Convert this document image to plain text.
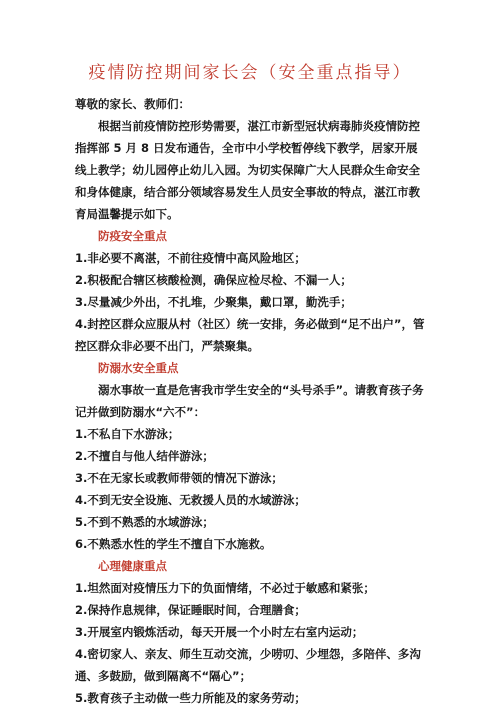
疫情防控期间家长会（安全重点指导）

尊敬的家长、教师们：

根据当前疫情防控形势需要，湛江市新型冠状病毒肺炎疫情防控指挥部 5 月 8 日发布通告，全市中小学校暂停线下教学，居家开展线上教学；幼儿园停止幼儿入园。为切实保障广大人民群众生命安全和身体健康，结合部分领域容易发生人员安全事故的特点，湛江市教育局温馨提示如下。

防疫安全重点

1.非必要不离湛，不前往疫情中高风险地区；

2.积极配合辖区核酸检测，确保应检尽检、不漏一人；

3.尽量减少外出，不扎堆，少聚集，戴口罩，勤洗手；

4.封控区群众应服从村（社区）统一安排，务必做到“足不出户”，管控区群众非必要不出门，严禁聚集。

防溺水安全重点

溺水事故一直是危害我市学生安全的“头号杀手”。请教育孩子务记并做到防溺水“六不”：

1.不私自下水游泳；

2.不擅自与他人结伴游泳；

3.不在无家长或教师带领的情况下游泳；

4.不到无安全设施、无救援人员的水域游泳；

5.不到不熟悉的水域游泳；

6.不熟悉水性的学生不擅自下水施救。

心理健康重点

1.坦然面对疫情压力下的负面情绪，不必过于敏感和紧张；

2.保持作息规律，保证睡眠时间，合理膳食；

3.开展室内锻炼活动，每天开展一个小时左右室内运动；

4.密切家人、亲友、师生互动交流，少唠叨、少埋怨，多陪伴、多沟通、多鼓励，做到隔离不“隔心”；

5.教育孩子主动做一些力所能及的家务劳动；
